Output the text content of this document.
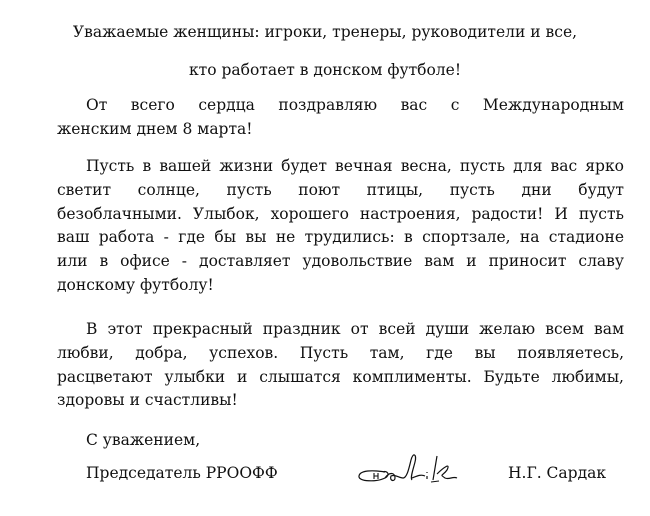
Уважаемые женщины: игроки, тренеры, руководители и все,
кто работает в донском футболе!
От всего сердца поздравляю вас с Международным
женским днем 8 марта!
Пусть в вашей жизни будет вечная весна, пусть для вас ярко
светит солнце, пусть поют птицы, пусть дни будут
безоблачными. Улыбок, хорошего настроения, радости! И пусть
ваш работа - где бы вы не трудились: в спортзале, на стадионе
или в офисе - доставляет удовольствие вам и приносит славу
донскому футболу!
В этот прекрасный праздник от всей души желаю всем вам
любви, добра, успехов. Пусть там, где вы появляетесь,
расцветают улыбки и слышатся комплименты. Будьте любимы,
здоровы и счастливы!
С уважением,
Председатель РРООФФ	Н.Г. Сардак
